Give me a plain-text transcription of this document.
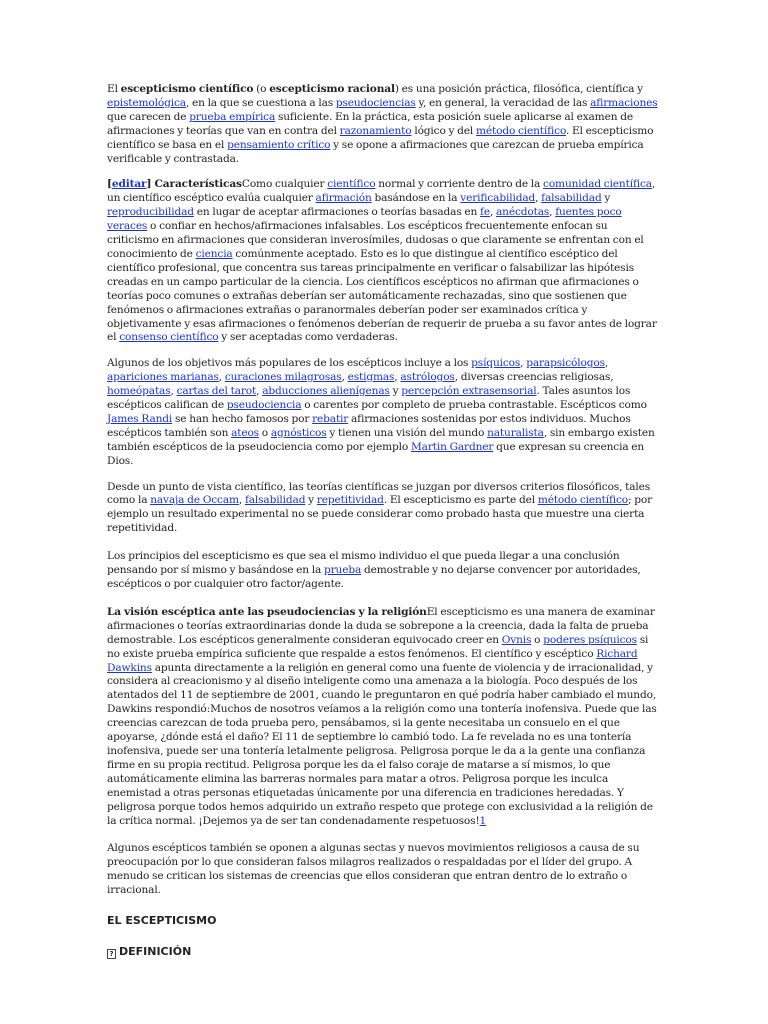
El escepticismo científico (o escepticismo racional) es una posición práctica, filosófica, científica y epistemológica, en la que se cuestiona a las pseudociencias y, en general, la veracidad de las afirmaciones que carecen de prueba empírica suficiente. En la práctica, esta posición suele aplicarse al examen de afirmaciones y teorías que van en contra del razonamiento lógico y del método científico. El escepticismo científico se basa en el pensamiento crítico y se opone a afirmaciones que carezcan de prueba empírica verificable y contrastada.

[editar] CaracterísticasComo cualquier científico normal y corriente dentro de la comunidad científica, un científico escéptico evalúa cualquier afirmación basándose en la verificabilidad, falsabilidad y reproducibilidad en lugar de aceptar afirmaciones o teorías basadas en fe, anécdotas, fuentes poco veraces o confiar en hechos/afirmaciones infalsables. Los escépticos frecuentemente enfocan su criticismo en afirmaciones que consideran inverosímiles, dudosas o que claramente se enfrentan con el conocimiento de ciencia comúnmente aceptado. Esto es lo que distingue al científico escéptico del científico profesional, que concentra sus tareas principalmente en verificar o falsabilizar las hipótesis creadas en un campo particular de la ciencia. Los científicos escépticos no afirman que afirmaciones o teorías poco comunes o extrañas deberían ser automáticamente rechazadas, sino que sostienen que fenómenos o afirmaciones extrañas o paranormales deberían poder ser examinados crítica y objetivamente y esas afirmaciones o fenómenos deberían de requerir de prueba a su favor antes de lograr el consenso científico y ser aceptadas como verdaderas.

Algunos de los objetivos más populares de los escépticos incluye a los psíquicos, parapsicólogos, apariciones marianas, curaciones milagrosas, estigmas, astrólogos, diversas creencias religiosas, homeópatas, cartas del tarot, abducciones alienígenas y percepción extrasensorial. Tales asuntos los escépticos califican de pseudociencia o carentes por completo de prueba contrastable. Escépticos como James Randi se han hecho famosos por rebatir afirmaciones sostenidas por estos individuos. Muchos escépticos también son ateos o agnósticos y tienen una visión del mundo naturalista, sin embargo existen también escépticos de la pseudociencia como por ejemplo Martin Gardner que expresan su creencia en Dios.

Desde un punto de vista científico, las teorías científicas se juzgan por diversos criterios filosóficos, tales como la navaja de Occam, falsabilidad y repetitividad. El escepticismo es parte del método científico; por ejemplo un resultado experimental no se puede considerar como probado hasta que muestre una cierta repetitividad.

Los principios del escepticismo es que sea el mismo individuo el que pueda llegar a una conclusión pensando por sí mismo y basándose en la prueba demostrable y no dejarse convencer por autoridades, escépticos o por cualquier otro factor/agente.

La visión escéptica ante las pseudociencias y la religiónEl escepticismo es una manera de examinar afirmaciones o teorías extraordinarias donde la duda se sobrepone a la creencia, dada la falta de prueba demostrable. Los escépticos generalmente consideran equivocado creer en Ovnis o poderes psíquicos si no existe prueba empírica suficiente que respalde a estos fenómenos. El científico y escéptico Richard Dawkins apunta directamente a la religión en general como una fuente de violencia y de irracionalidad, y considera al creacionismo y al diseño inteligente como una amenaza a la biología. Poco después de los atentados del 11 de septiembre de 2001, cuando le preguntaron en qué podría haber cambiado el mundo, Dawkins respondió:Muchos de nosotros veíamos a la religión como una tontería inofensiva. Puede que las creencias carezcan de toda prueba pero, pensábamos, si la gente necesitaba un consuelo en el que apoyarse, ¿dónde está el daño? El 11 de septiembre lo cambió todo. La fe revelada no es una tontería inofensiva, puede ser una tontería letalmente peligrosa. Peligrosa porque le da a la gente una confianza firme en su propia rectitud. Peligrosa porque les da el falso coraje de matarse a sí mismos, lo que automáticamente elimina las barreras normales para matar a otros. Peligrosa porque les inculca enemistad a otras personas etiquetadas únicamente por una diferencia en tradiciones heredadas. Y peligrosa porque todos hemos adquirido un extraño respeto que protege con exclusividad a la religión de la crítica normal. ¡Dejemos ya de ser tan condenadamente respetuosos!1

Algunos escépticos también se oponen a algunas sectas y nuevos movimientos religiosos a causa de su preocupación por lo que consideran falsos milagros realizados o respaldadas por el líder del grupo. A menudo se critican los sistemas de creencias que ellos consideran que entran dentro de lo extraño o irracional.

EL ESCEPTICISMO
? DEFINICIÓN
